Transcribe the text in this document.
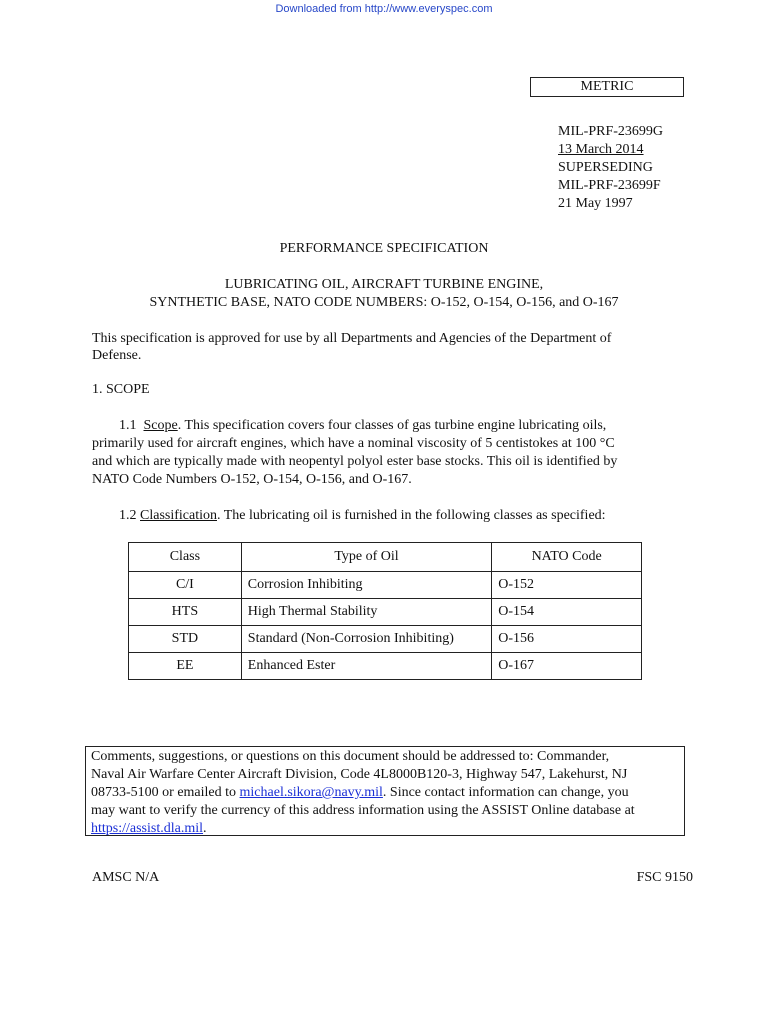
Downloaded from http://www.everyspec.com
METRIC
MIL-PRF-23699G
13 March 2014
SUPERSEDING
MIL-PRF-23699F
21 May 1997
PERFORMANCE SPECIFICATION
LUBRICATING OIL, AIRCRAFT TURBINE ENGINE,
SYNTHETIC BASE, NATO CODE NUMBERS: O-152, O-154, O-156, and O-167
This specification is approved for use by all Departments and Agencies of the Department of
Defense.
1. SCOPE
1.1 Scope. This specification covers four classes of gas turbine engine lubricating oils,
primarily used for aircraft engines, which have a nominal viscosity of 5 centistokes at 100 °C
and which are typically made with neopentyl polyol ester base stocks. This oil is identified by
NATO Code Numbers O-152, O-154, O-156, and O-167.
1.2 Classification. The lubricating oil is furnished in the following classes as specified:
Class	Type of Oil	NATO Code
C/I	Corrosion Inhibiting	O-152
HTS	High Thermal Stability	O-154
STD	Standard (Non-Corrosion Inhibiting)	O-156
EE	Enhanced Ester	O-167
Comments, suggestions, or questions on this document should be addressed to: Commander,
Naval Air Warfare Center Aircraft Division, Code 4L8000B120-3, Highway 547, Lakehurst, NJ
08733-5100 or emailed to michael.sikora@navy.mil. Since contact information can change, you
may want to verify the currency of this address information using the ASSIST Online database at
https://assist.dla.mil.
AMSC N/A	FSC 9150
